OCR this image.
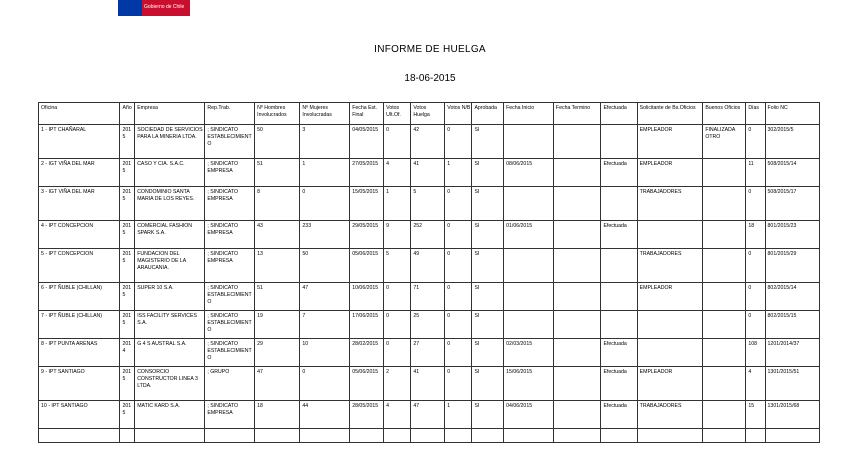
Gobierno de Chile
INFORME DE HUELGA
18-06-2015
Oficina	Año	Empresa	Rep.Trab.	Nº Hombres Involucrados	Nº Mujeres Involucradas	Fecha Est. Final	Votos Ult.Of.	Votos Huelga	Votos N/B	Aprobada	Fecha Inicio	Fecha Termino	Efectuada	Solicitante de Bs.Oficios	Buenos Oficios	Días	Folio NC
1 - IPT CHAÑARAL	2015	SOCIEDAD DE SERVICIOS PARA LA MINERIA LTDA.	; SINDICATO ESTABLECIMIENTO	50	3	04/05/2015	0	42	0	SI				EMPLEADOR	FINALIZADA OTRO	0	302/2015/5
2 - IGT VIÑA DEL MAR	2015	CASO Y CIA. S.A.C.	; SINDICATO EMPRESA	51	1	27/05/2015	4	41	1	SI	08/06/2015		Efectuada	EMPLEADOR		11	508/2015/14
3 - IGT VIÑA DEL MAR	2015	CONDOMINIO SANTA MARIA DE LOS REYES.	; SINDICATO EMPRESA	8	0	15/05/2015	1	5	0	SI				TRABAJADORES		0	508/2015/17
4 - IPT CONCEPCION	2015	COMERCIAL FASHION SPARK S.A.	; SINDICATO EMPRESA	43	233	29/05/2015	9	252	0	SI	01/06/2015		Efectuada			18	801/2015/23
5 - IPT CONCEPCION	2015	FUNDACION DEL MAGISTERIO DE LA ARAUCANIA.	; SINDICATO EMPRESA	13	50	05/06/2015	5	49	0	SI				TRABAJADORES		0	801/2015/29
6 - IPT ÑUBLE (CHILLAN)	2015	SUPER 10 S.A.	; SINDICATO ESTABLECIMIENTO	51	47	10/06/2015	0	71	0	SI				EMPLEADOR		0	802/2015/14
7 - IPT ÑUBLE (CHILLAN)	2015	ISS FACILITY SERVICES S.A.	; SINDICATO ESTABLECIMIENTO	19	7	17/06/2015	0	25	0	SI						0	802/2015/15
8 - IPT PUNTA ARENAS	2014	G 4 S AUSTRAL S.A.	; SINDICATO ESTABLECIMIENTO	29	10	28/02/2015	0	27	0	SI	02/03/2015		Efectuada			108	1201/2014/37
9 - IPT SANTIAGO	2015	CONSORCIO CONSTRUCTOR LINEA 3 LTDA.	; GRUPO	47	0	05/06/2015	2	41	0	SI	15/06/2015		Efectuada	EMPLEADOR		4	1301/2015/51
10 - IPT SANTIAGO	2015	MATIC KARD S.A.	; SINDICATO EMPRESA	18	44	28/05/2015	4	47	1	SI	04/06/2015		Efectuada	TRABAJADORES		15	1301/2015/68
